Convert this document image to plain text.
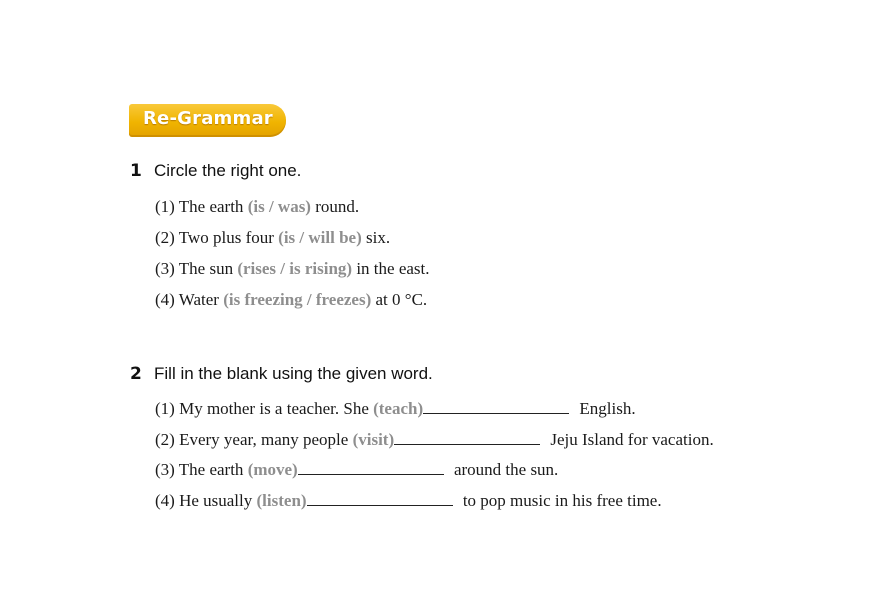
Re-Grammar
1 Circle the right one.
(1) The earth (is / was) round.
(2) Two plus four (is / will be) six.
(3) The sun (rises / is rising) in the east.
(4) Water (is freezing / freezes) at 0 °C.
2 Fill in the blank using the given word.
(1) My mother is a teacher. She (teach)	English.
(2) Every year, many people (visit)	Jeju Island for vacation.
(3) The earth (move)	around the sun.
(4) He usually (listen)	to pop music in his free time.
